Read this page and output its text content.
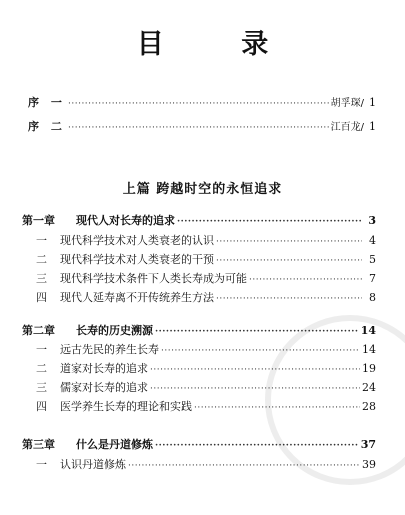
目 录
序 一 ·····	胡孚琛 / 1
序 二 ·····	江百龙 / 1
上篇 跨越时空的永恒追求
第一章	现代人对长寿的追求 ·····	3
一	现代科学技术对人类衰老的认识 ·····	4
二	现代科学技术对人类衰老的干预 ·····	5
三	现代科学技术条件下人类长寿成为可能 ·····	7
四	现代人延寿离不开传统养生方法 ·····	8
第二章	长寿的历史溯源 ·····	14
一	远古先民的养生长寿 ·····	14
二	道家对长寿的追求 ·····	19
三	儒家对长寿的追求 ·····	24
四	医学养生长寿的理论和实践 ·····	28
第三章	什么是丹道修炼 ·····	37
一	认识丹道修炼 ·····	39
